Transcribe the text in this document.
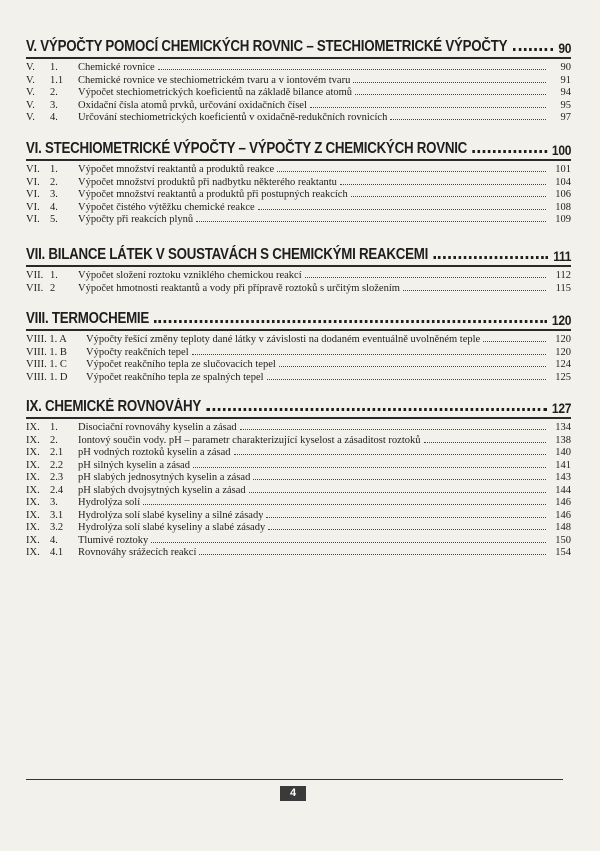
V. VÝPOČTY POMOCÍ CHEMICKÝCH ROVNIC – STECHIOMETRICKÉ VÝPOČTY	90
V.	1.	Chemické rovnice	90
V.	1.1	Chemické rovnice ve stechiometrickém tvaru a v iontovém tvaru	91
V.	2.	Výpočet stechiometrických koeficientů na základě bilance atomů	94
V.	3.	Oxidační čísla atomů prvků, určování oxidačních čísel	95
V.	4.	Určování stechiometrických koeficientů v oxidačně-redukčních rovnicích	97
VI. STECHIOMETRICKÉ VÝPOČTY – VÝPOČTY Z CHEMICKÝCH ROVNIC	100
VI. 1.	Výpočet množství reaktantů a produktů reakce	101
VI. 2.	Výpočet množství produktů při nadbytku některého reaktantu	104
VI. 3.	Výpočet množství reaktantů a produktů při postupných reakcích	106
VI. 4.	Výpočet čistého výtěžku chemické reakce	108
VI. 5.	Výpočty při reakcích plynů	109
VII. BILANCE LÁTEK V SOUSTAVÁCH S CHEMICKÝMI REAKCEMI	111
VII. 1.	Výpočet složení roztoku vzniklého chemickou reakcí	112
VII. 2	Výpočet hmotnosti reaktantů a vody při přípravě roztoků s určitým složením	115
VIII. TERMOCHEMIE	120
VIII. 1. A	Výpočty řešící změny teploty dané látky v závislosti na dodaném eventuálně uvolněném teple	120
VIII. 1. B	Výpočty reakčních tepel	120
VIII. 1. C	Výpočet reakčního tepla ze slučovacích tepel	124
VIII. 1. D	Výpočet reakčního tepla ze spalných tepel	125
IX. CHEMICKÉ ROVNOVÁHY	127
IX. 1.	Disociační rovnováhy kyselin a zásad	134
IX. 2.	Iontový součin vody. pH – parametr charakterizující kyselost a zásaditost roztoků	138
IX. 2.1	pH vodných roztoků kyselin a zásad	140
IX. 2.2	pH silných kyselin a zásad	141
IX. 2.3	pH slabých jednosytných kyselin a zásad	143
IX. 2.4	pH slabých dvojsytných kyselin a zásad	144
IX. 3.	Hydrolýza solí	146
IX. 3.1	Hydrolýza solí slabé kyseliny a silné zásady	146
IX. 3.2	Hydrolýza solí slabé kyseliny a slabé zásady	148
IX. 4.	Tlumivé roztoky	150
IX. 4.1	Rovnováhy srážecích reakcí	154
4
